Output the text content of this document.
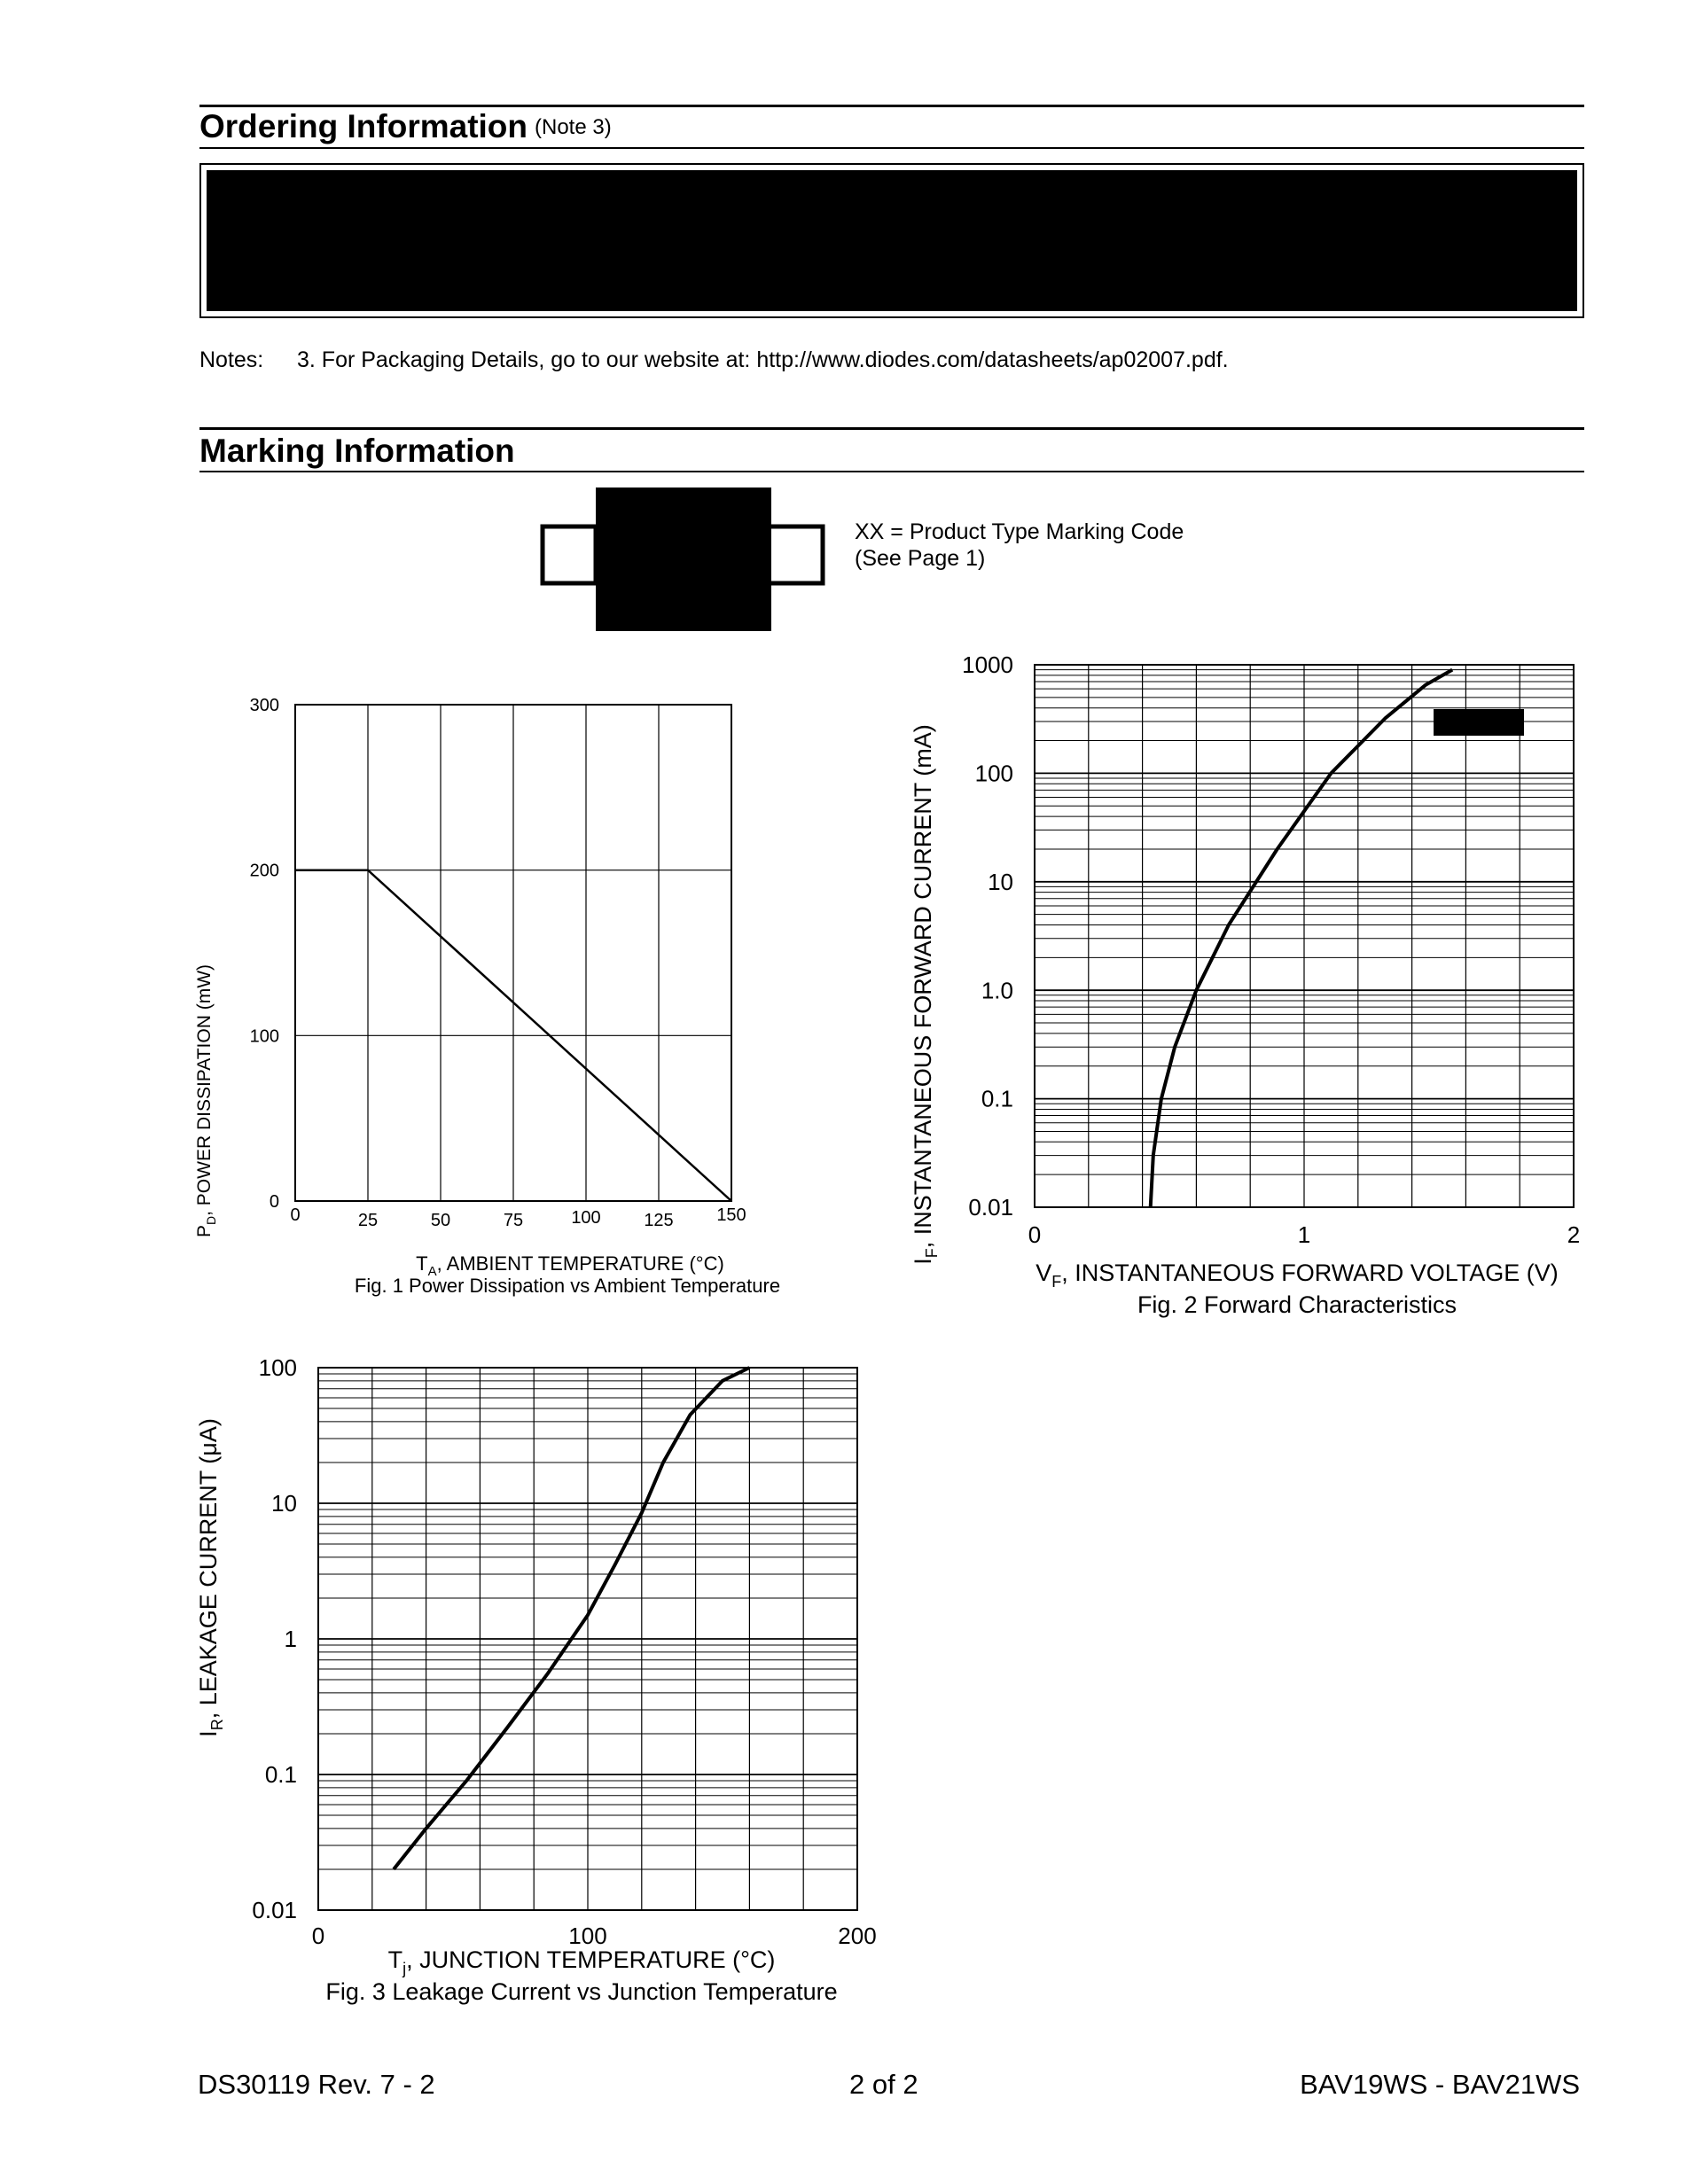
Ordering Information (Note 3)
Notes: 3. For Packaging Details, go to our website at: http://www.diodes.com/datasheets/ap02007.pdf.
Marking Information
XX = Product Type Marking Code
(See Page 1)
0	25	50	75	100 125 150
0
100
200
300
$P_D$, POWER DISSIPATION (mW)
$T_A$, AMBIENT TEMPERATURE (°C)
Fig. 1 Power Dissipation vs Ambient Temperature
0	1	2
0.01
0.1
1.0
10
100
1000
$I_F$, INSTANTANEOUS FORWARD CURRENT (mA)
$V_F$, INSTANTANEOUS FORWARD VOLTAGE (V)
Fig. 2 Forward Characteristics
0	100	200
0.01
0.1
1
10
100
$I_R$, LEAKAGE CURRENT (μA)
$T_j$, JUNCTION TEMPERATURE (°C)
Fig. 3 Leakage Current vs Junction Temperature
DS30119 Rev. 7 - 2	2 of 2	BAV19WS - BAV21WS
